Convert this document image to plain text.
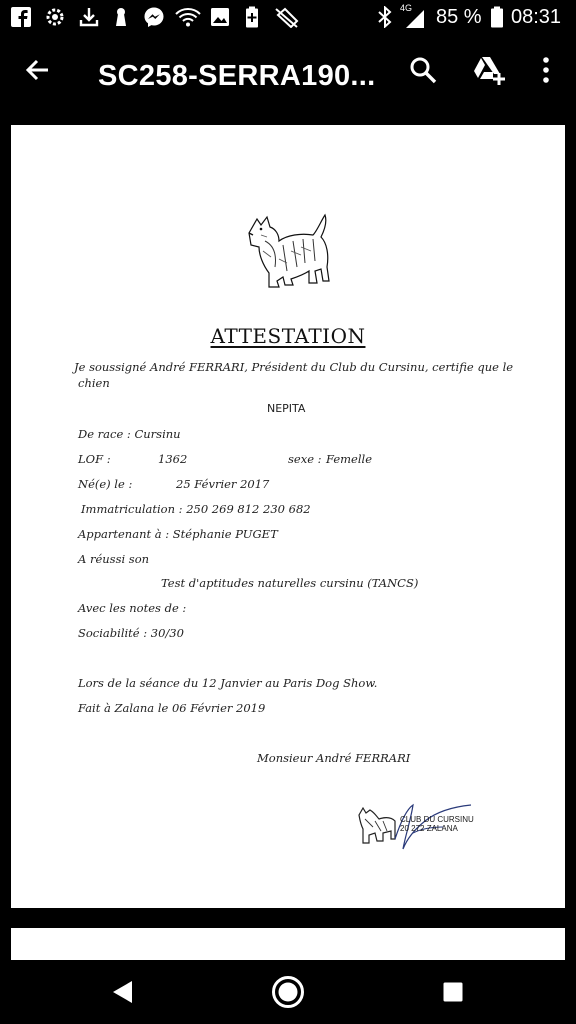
4G 85 % 08:31
SC258-SERRA190...
ATTESTATION
Je soussigné André FERRARI, Président du Club du Cursinu, certifie que le
chien
NEPITA
De race : Cursinu
LOF :	1362	sexe : Femelle
Né(e) le :	25 Février 2017
Immatriculation : 250 269 812 230 682
Appartenant à : Stéphanie PUGET
A réussi son
Test d'aptitudes naturelles cursinu (TANCS)
Avec les notes de :
Sociabilité : 30/30
Lors de la séance du 12 Janvier au Paris Dog Show.
Fait à Zalana le 06 Février 2019
Monsieur André FERRARI
CLUB DU CURSINU
20 272 ZALANA
